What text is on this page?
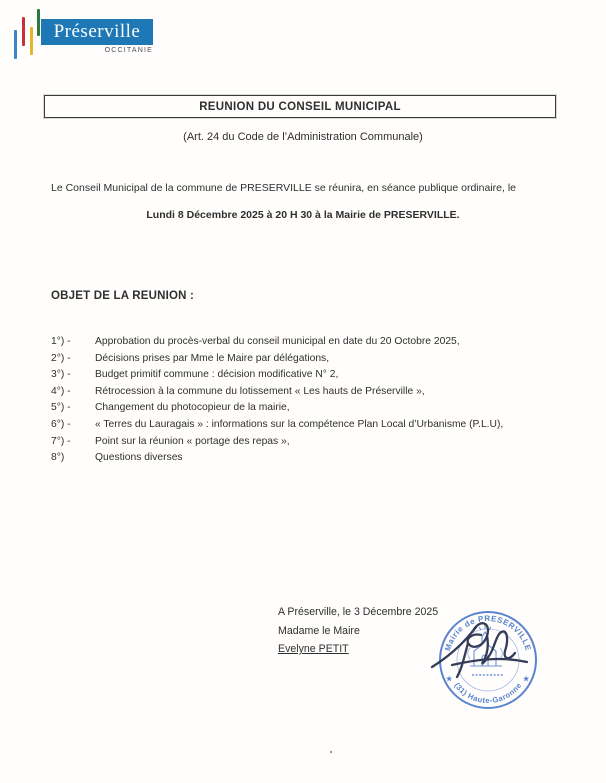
Préserville
OCCITANIE
REUNION DU CONSEIL MUNICIPAL
(Art. 24 du Code de l’Administration Communale)
Le Conseil Municipal de la commune de PRESERVILLE se réunira, en séance publique ordinaire, le
Lundi 8 Décembre 2025 à 20 H 30 à la Mairie de PRESERVILLE.
OBJET DE LA REUNION :
1°) -	Approbation du procès-verbal du conseil municipal en date du 20 Octobre 2025,
2°) -	Décisions prises par Mme le Maire par délégations,
3°) -	Budget primitif commune : décision modificative N° 2,
4°) -	Rétrocession à la commune du lotissement « Les hauts de Préserville »,
5°) -	Changement du photocopieur de la mairie,
6°) -	« Terres du Lauragais » : informations sur la compétence Plan Local d’Urbanisme (P.L.U),
7°) -	Point sur la réunion « portage des repas »,
8°)	Questions diverses
A Préserville, le 3 Décembre 2025
Madame le Maire
Evelyne PETIT	Mairie de PRESERVILLE
(31) Haute-Garonne
★	★
